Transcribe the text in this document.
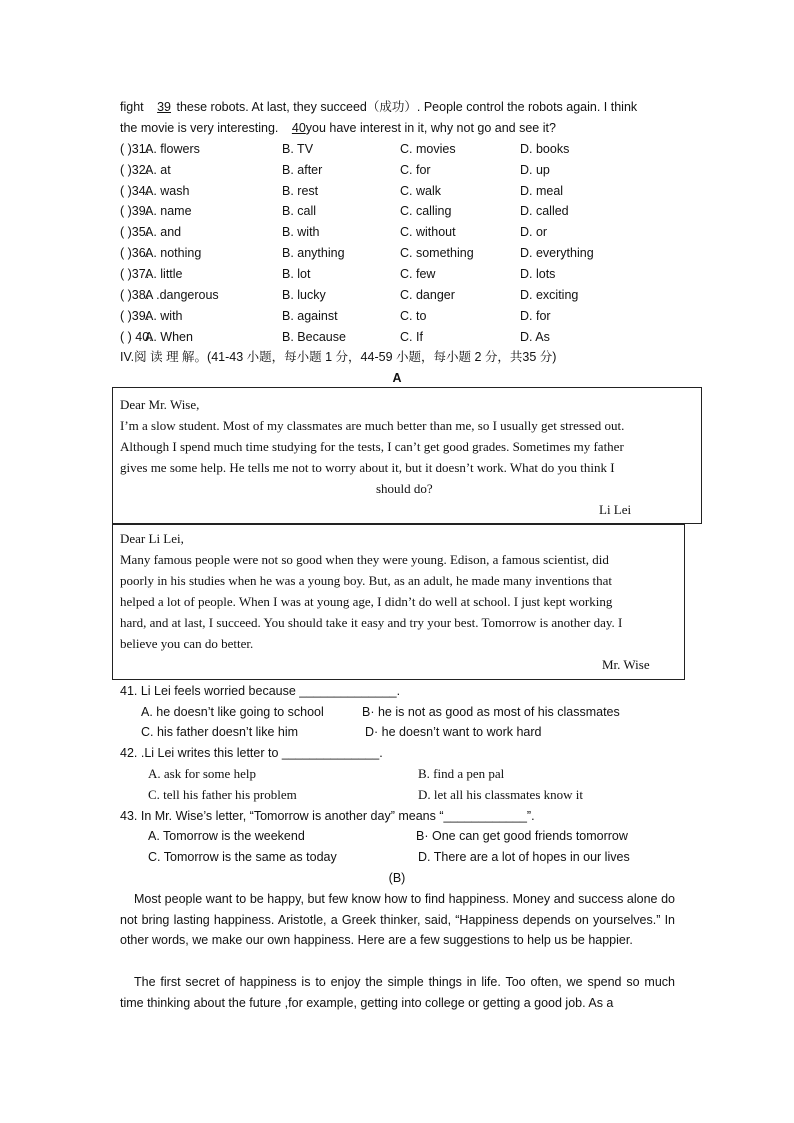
fight 39 these robots. At last, they succeed（成功）. People control the robots again. I think
the movie is very interesting. 40you have interest in it, why not go and see it?
( )31.
A. flowers	B. TV	C. movies	D. books
( )32.
A. at	B. after	C. for	D. up
( )34.
A. wash	B. rest	C. walk	D. meal
( )39.
A. name	B. call	C. calling	D. called
( )35.
A. and	B. with	C. without	D. or
( )36.
A. nothing	B. anything	C. something	D. everything
( )37.
A. little	B. lot	C. few	D. lots
( )38.
A .dangerous	B. lucky	C. danger	D. exciting
( )39.
A. with	B. against	C. to	D. for
( ) 40.
A. When	B. Because	C. If	D. As
IV.阅 读 理 解。(41-43 小题，每小题 1 分，44-59 小题，每小题 2 分，共35 分)
A
Dear Mr. Wise,
I’m a slow student. Most of my classmates are much better than me, so I usually get stressed out.
Although I spend much time studying for the tests, I can’t get good grades. Sometimes my father
gives me some help. He tells me not to worry about it, but it doesn’t work. What do you think I
should do?
Li Lei
Dear Li Lei,
Many famous people were not so good when they were young. Edison, a famous scientist, did
poorly in his studies when he was a young boy. But, as an adult, he made many inventions that
helped a lot of people. When I was at young age, I didn’t do well at school. I just kept working
hard, and at last, I succeed. You should take it easy and try your best. Tomorrow is another day. I
believe you can do better.
Mr. Wise
41. Li Lei feels worried because ______________.
A. he doesn’t like going to school	B· he is not as good as most of his classmates
C. his father doesn’t like him	D· he doesn’t want to work hard
42. .Li Lei writes this letter to ______________.
A. ask for some help	B. find a pen pal
C. tell his father his problem	D. let all his classmates know it
43. In Mr. Wise’s letter, “Tomorrow is another day” means “____________”.
A. Tomorrow is the weekend	B· One can get good friends tomorrow
C. Tomorrow is the same as today	D. There are a lot of hopes in our lives
(B)
Most people want to be happy, but few know how to find happiness. Money and success alone do not bring lasting happiness. Aristotle, a Greek thinker, said, “Happiness depends on yourselves.” In other words, we make our own happiness. Here are a few suggestions to help us be happier.
The first secret of happiness is to enjoy the simple things in life. Too often, we spend so much time thinking about the future ,for example, getting into college or getting a good job. As a
